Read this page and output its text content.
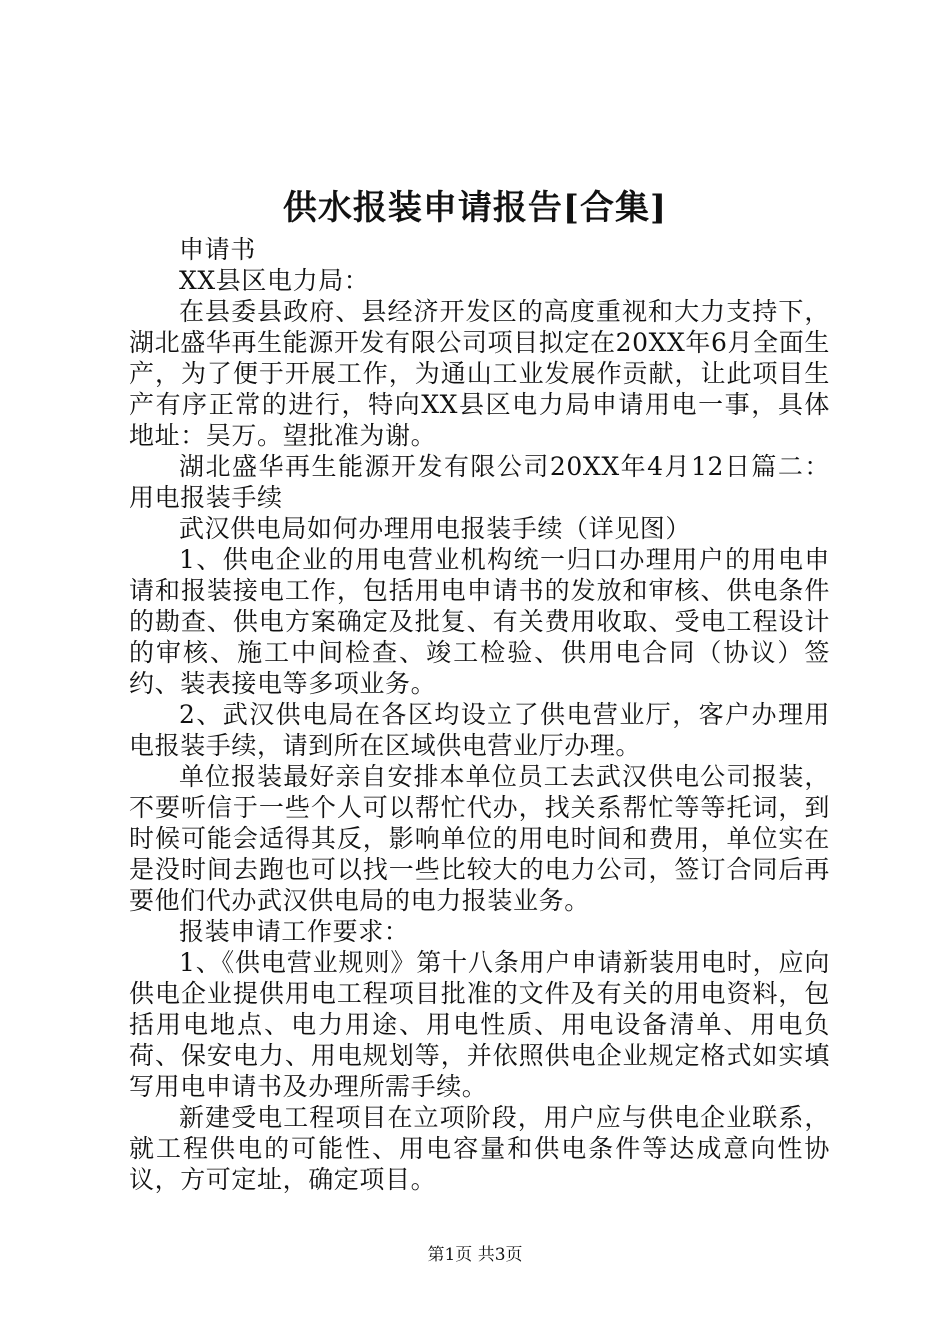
供水报装申请报告[合集]

申请书

XX县区电力局：

在县委县政府、县经济开发区的高度重视和大力支持下，湖北盛华再生能源开发有限公司项目拟定在20XX年6月全面生产，为了便于开展工作，为通山工业发展作贡献，让此项目生产有序正常的进行，特向XX县区电力局申请用电一事，具体地址：吴万。望批准为谢。

湖北盛华再生能源开发有限公司20XX年4月12日篇二：用电报装手续

武汉供电局如何办理用电报装手续（详见图）

1、供电企业的用电营业机构统一归口办理用户的用电申请和报装接电工作，包括用电申请书的发放和审核、供电条件的勘查、供电方案确定及批复、有关费用收取、受电工程设计的审核、施工中间检查、竣工检验、供用电合同（协议）签约、装表接电等多项业务。

2、武汉供电局在各区均设立了供电营业厅，客户办理用电报装手续，请到所在区域供电营业厅办理。

单位报装最好亲自安排本单位员工去武汉供电公司报装，不要听信于一些个人可以帮忙代办，找关系帮忙等等托词，到时候可能会适得其反，影响单位的用电时间和费用，单位实在是没时间去跑也可以找一些比较大的电力公司，签订合同后再要他们代办武汉供电局的电力报装业务。

报装申请工作要求：

1、《供电营业规则》第十八条用户申请新装用电时，应向供电企业提供用电工程项目批准的文件及有关的用电资料，包括用电地点、电力用途、用电性质、用电设备清单、用电负荷、保安电力、用电规划等，并依照供电企业规定格式如实填写用电申请书及办理所需手续。

新建受电工程项目在立项阶段，用户应与供电企业联系，就工程供电的可能性、用电容量和供电条件等达成意向性协议，方可定址，确定项目。

第1页 共3页
